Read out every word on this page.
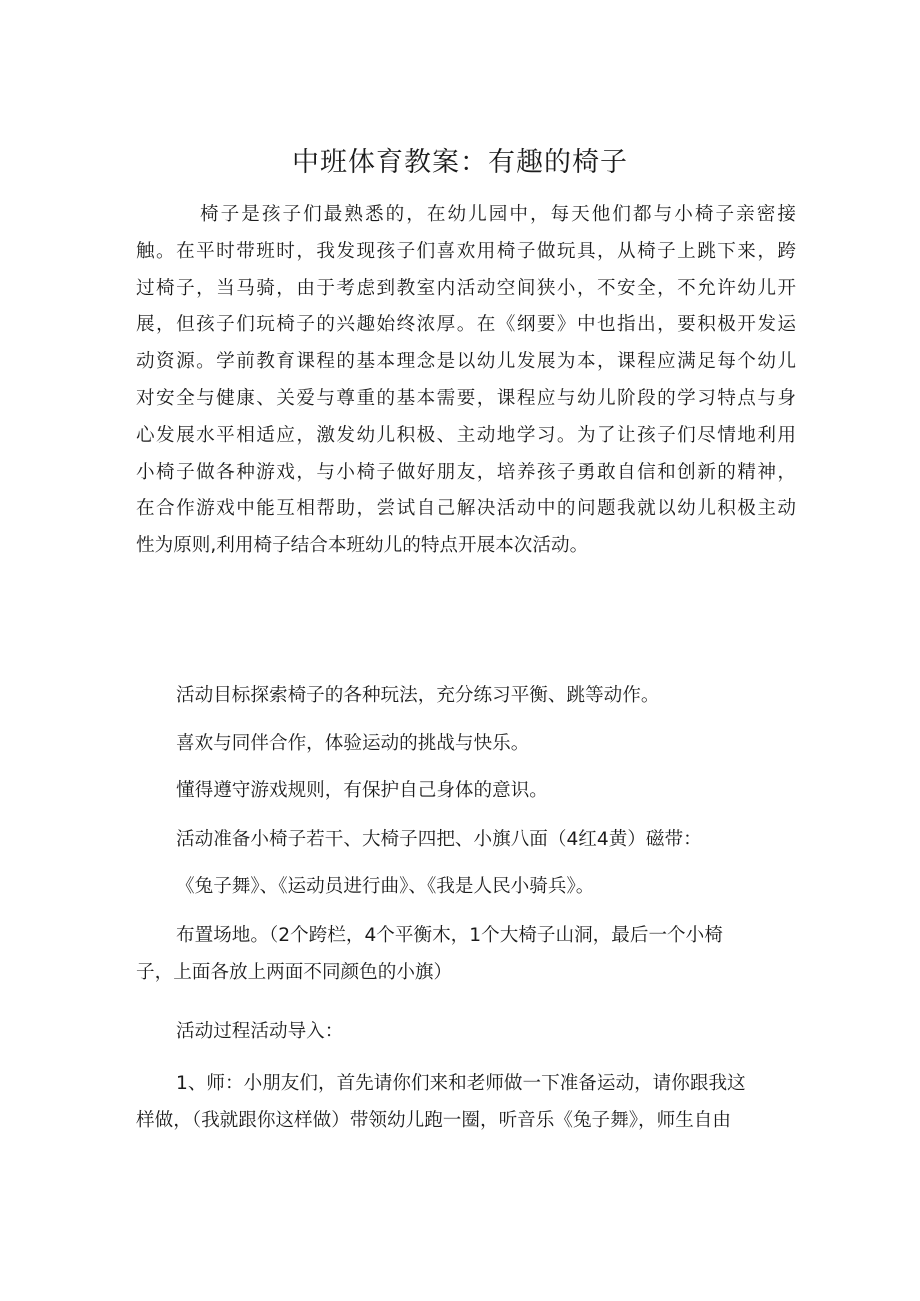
中班体育教案：有趣的椅子
椅子是孩子们最熟悉的，在幼儿园中，每天他们都与小椅子亲密接
触。在平时带班时，我发现孩子们喜欢用椅子做玩具，从椅子上跳下来，跨
过椅子，当马骑，由于考虑到教室内活动空间狭小，不安全，不允许幼儿开
展，但孩子们玩椅子的兴趣始终浓厚。在《纲要》中也指出，要积极开发运
动资源。学前教育课程的基本理念是以幼儿发展为本，课程应满足每个幼儿
对安全与健康、关爱与尊重的基本需要，课程应与幼儿阶段的学习特点与身
心发展水平相适应，激发幼儿积极、主动地学习。为了让孩子们尽情地利用
小椅子做各种游戏，与小椅子做好朋友，培养孩子勇敢自信和创新的精神，
在合作游戏中能互相帮助，尝试自己解决活动中的问题我就以幼儿积极主动
性为原则,利用椅子结合本班幼儿的特点开展本次活动。
活动目标探索椅子的各种玩法，充分练习平衡、跳等动作。
喜欢与同伴合作，体验运动的挑战与快乐。
懂得遵守游戏规则，有保护自己身体的意识。
活动准备小椅子若干、大椅子四把、小旗八面（4红4黄）磁带：
《兔子舞》、《运动员进行曲》、《我是人民小骑兵》。
布置场地。（2个跨栏，4个平衡木，1个大椅子山洞，最后一个小椅
子，上面各放上两面不同颜色的小旗）
活动过程活动导入：
1、师：小朋友们，首先请你们来和老师做一下准备运动，请你跟我这
样做，（我就跟你这样做）带领幼儿跑一圈，听音乐《兔子舞》，师生自由
